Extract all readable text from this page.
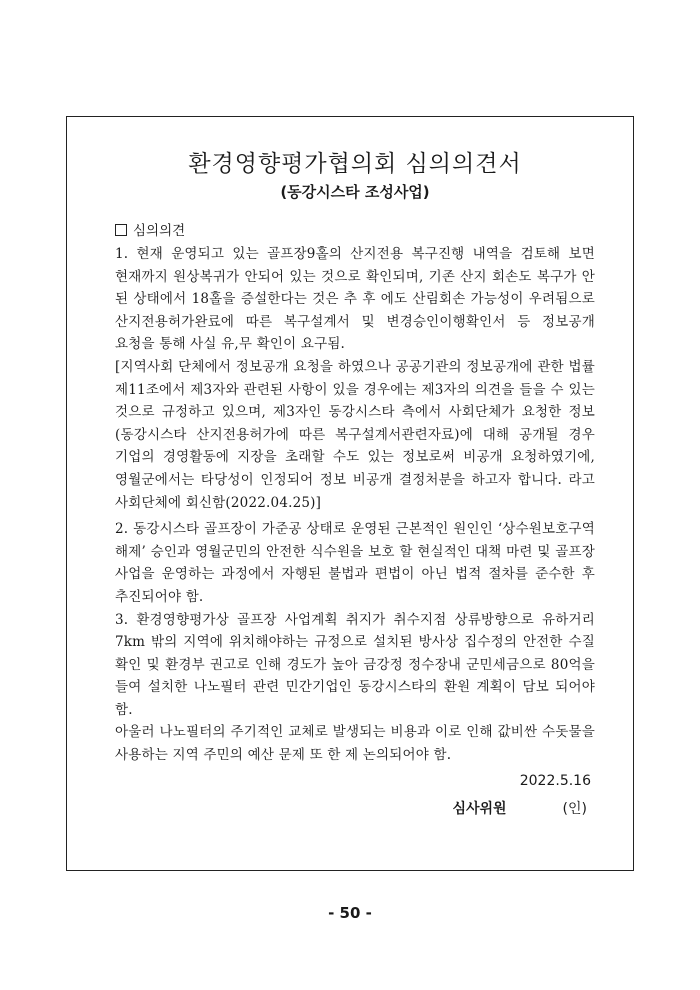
환경영향평가협의회 심의의견서
(동강시스타 조성사업)

심의의견

1. 현재 운영되고 있는 골프장9홀의 산지전용 복구진행 내역을 검토해 보면 현재까지 원상복귀가 안되어 있는 것으로 확인되며, 기존 산지 회손도 복구가 안 된 상태에서 18홀을 증설한다는 것은 추 후 에도 산림회손 가능성이 우려됨으로 산지전용허가완료에 따른 복구설계서 및 변경승인이행확인서 등 정보공개 요청을 통해 사실 유,무 확인이 요구됨.

[지역사회 단체에서 정보공개 요청을 하였으나 공공기관의 정보공개에 관한 법률 제11조에서 제3자와 관련된 사항이 있을 경우에는 제3자의 의견을 들을 수 있는 것으로 규정하고 있으며, 제3자인 동강시스타 측에서 사회단체가 요청한 정보(동강시스타 산지전용허가에 따른 복구설계서관련자료)에 대해 공개될 경우 기업의 경영활동에 지장을 초래할 수도 있는 정보로써 비공개 요청하였기에, 영월군에서는 타당성이 인정되어 정보 비공개 결정처분을 하고자 합니다. 라고 사회단체에 회신함(2022.04.25)]

2. 동강시스타 골프장이 가준공 상태로 운영된 근본적인 원인인 ‘상수원보호구역 해제’ 승인과 영월군민의 안전한 식수원을 보호 할 현실적인 대책 마련 및 골프장 사업을 운영하는 과정에서 자행된 불법과 편법이 아닌 법적 절차를 준수한 후 추진되어야 함.

3. 환경영향평가상 골프장 사업계획 취지가 취수지점 상류방향으로 유하거리 7km 밖의 지역에 위치해야하는 규정으로 설치된 방사상 집수정의 안전한 수질 확인 및 환경부 권고로 인해 경도가 높아 금강정 정수장내 군민세금으로 80억을 들여 설치한 나노필터 관련 민간기업인 동강시스타의 환원 계획이 담보 되어야 함.

아울러 나노필터의 주기적인 교체로 발생되는 비용과 이로 인해 값비싼 수돗물을 사용하는 지역 주민의 예산 문제 또 한 제 논의되어야 함.

2022.5.16
심사위원	(인)
- 50 -
